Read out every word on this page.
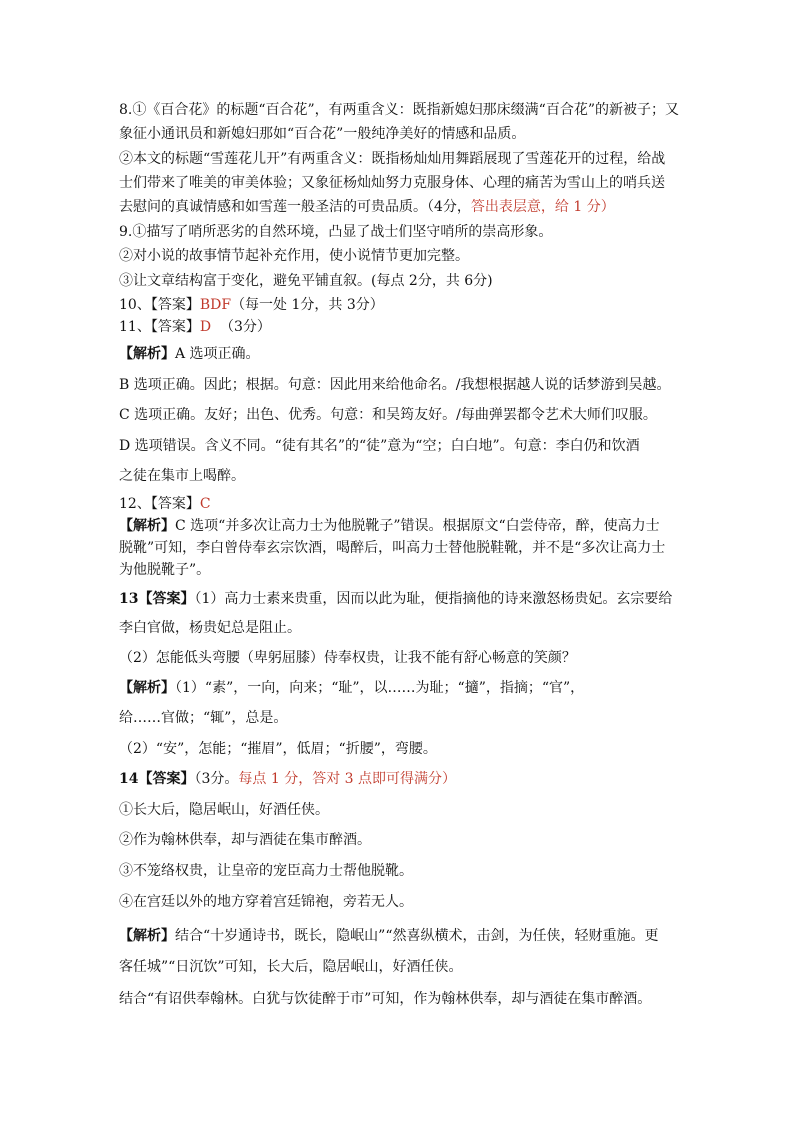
8.①《百合花》的标题“百合花”，有两重含义：既指新媳妇那床缀满“百合花”的新被子；又
象征小通讯员和新媳妇那如“百合花”一般纯净美好的情感和品质。
②本文的标题“雪莲花儿开”有两重含义：既指杨灿灿用舞蹈展现了雪莲花开的过程，给战
士们带来了唯美的审美体验；又象征杨灿灿努力克服身体、心理的痛苦为雪山上的哨兵送
去慰问的真诚情感和如雪莲一般圣洁的可贵品质。（4分，答出表层意，给 1 分）
9.①描写了哨所恶劣的自然环境，凸显了战士们坚守哨所的崇高形象。
②对小说的故事情节起补充作用，使小说情节更加完整。
③让文章结构富于变化，避免平铺直叙。(每点 2分，共 6分)
10、【答案】BDF（每一处 1分，共 3分）
11、【答案】D  （3分）
【解析】A 选项正确。
B 选项正确。因此；根据。句意：因此用来给他命名。/我想根据越人说的话梦游到吴越。
C 选项正确。友好；出色、优秀。句意：和吴筠友好。/每曲弹罢都令艺术大师们叹服。
D 选项错误。含义不同。“徒有其名”的“徒”意为“空；白白地”。句意：李白仍和饮酒
之徒在集市上喝醉。
12、【答案】C
【解析】C 选项“并多次让高力士为他脱靴子”错误。根据原文“白尝侍帝，醉，使高力士
脱靴”可知，李白曾侍奉玄宗饮酒，喝醉后，叫高力士替他脱鞋靴，并不是“多次让高力士
为他脱靴子”。
13【答案】（1）高力士素来贵重，因而以此为耻，便指摘他的诗来激怒杨贵妃。玄宗要给
李白官做，杨贵妃总是阻止。
（2）怎能低头弯腰（卑躬屈膝）侍奉权贵，让我不能有舒心畅意的笑颜？
【解析】（1）“素”，一向，向来；“耻”，以……为耻；“擿”，指摘；“官”，
给……官做；“辄”，总是。
（2）“安”，怎能；“摧眉”，低眉；“折腰”，弯腰。
14【答案】（3分。每点 1 分，答对 3 点即可得满分）
①长大后，隐居岷山，好酒任侠。
②作为翰林供奉，却与酒徒在集市醉酒。
③不笼络权贵，让皇帝的宠臣高力士帮他脱靴。
④在宫廷以外的地方穿着宫廷锦袍，旁若无人。
【解析】结合“十岁通诗书，既长，隐岷山”“然喜纵横术，击剑，为任侠，轻财重施。更
客任城”“日沉饮”可知，长大后，隐居岷山，好酒任侠。
结合“有诏供奉翰林。白犹与饮徒醉于市”可知，作为翰林供奉，却与酒徒在集市醉酒。
